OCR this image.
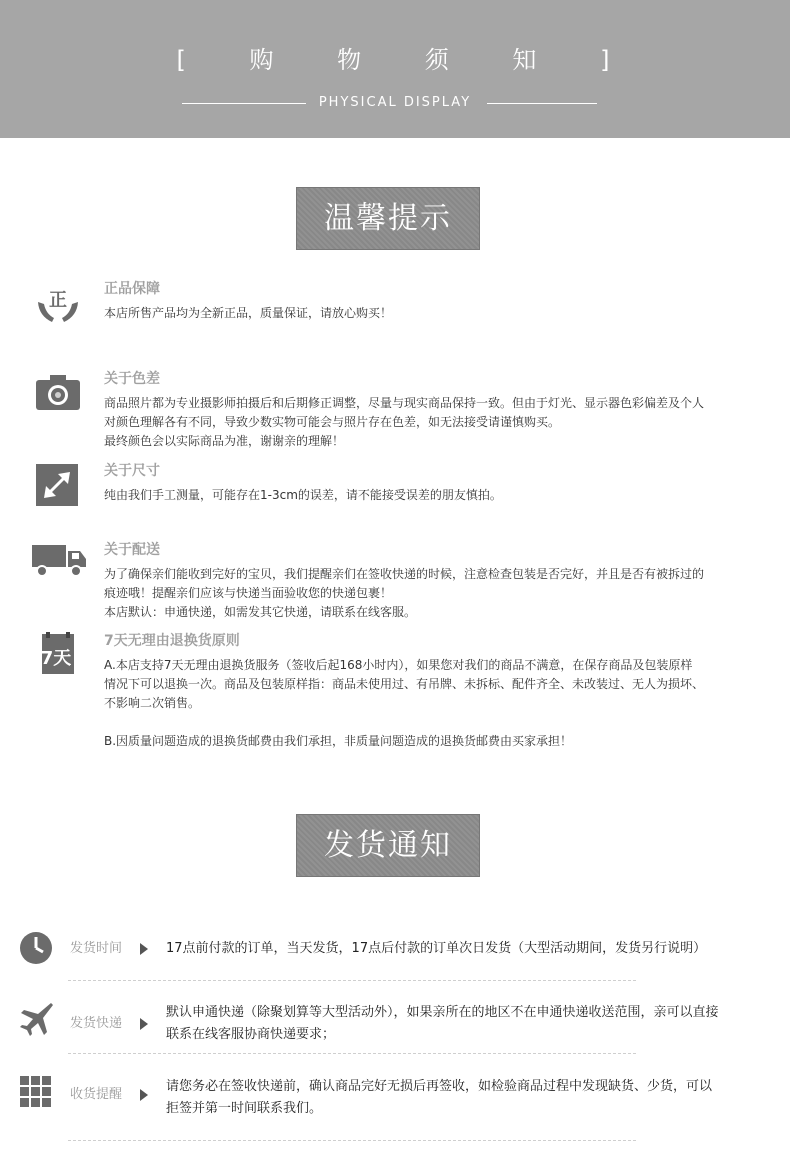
[ 购 物 须 知 ]
PHYSICAL DISPLAY
温馨提示
正
正品保障

本店所售产品均为全新正品，质量保证，请放心购买！

关于色差

商品照片都为专业摄影师拍摄后和后期修正调整，尽量与现实商品保持一致。但由于灯光、显示器色彩偏差及个人

对颜色理解各有不同，导致少数实物可能会与照片存在色差，如无法接受请谨慎购买。

最终颜色会以实际商品为准，谢谢亲的理解！

关于尺寸

纯由我们手工测量，可能存在1-3cm的误差，请不能接受误差的朋友慎拍。

关于配送

为了确保亲们能收到完好的宝贝，我们提醒亲们在签收快递的时候，注意检查包装是否完好，并且是否有被拆过的

痕迹哦！提醒亲们应该与快递当面验收您的快递包裹！

本店默认：申通快递，如需发其它快递，请联系在线客服。

7天
7天无理由退换货原则

A.本店支持7天无理由退换货服务（签收后起168小时内），如果您对我们的商品不满意，在保存商品及包装原样

情况下可以退换一次。商品及包装原样指：商品未使用过、有吊牌、未拆标、配件齐全、未改装过、无人为损坏、

不影响二次销售。

B.因质量问题造成的退换货邮费由我们承担，非质量问题造成的退换货邮费由买家承担！

发货通知
发货时间	17点前付款的订单，当天发货，17点后付款的订单次日发货（大型活动期间，发货另行说明）
发货快递
默认申通快递（除聚划算等大型活动外），如果亲所在的地区不在申通快递收送范围，亲可以直接
联系在线客服协商快递要求；
收货提醒
请您务必在签收快递前，确认商品完好无损后再签收，如检验商品过程中发现缺货、少货，可以
拒签并第一时间联系我们。
